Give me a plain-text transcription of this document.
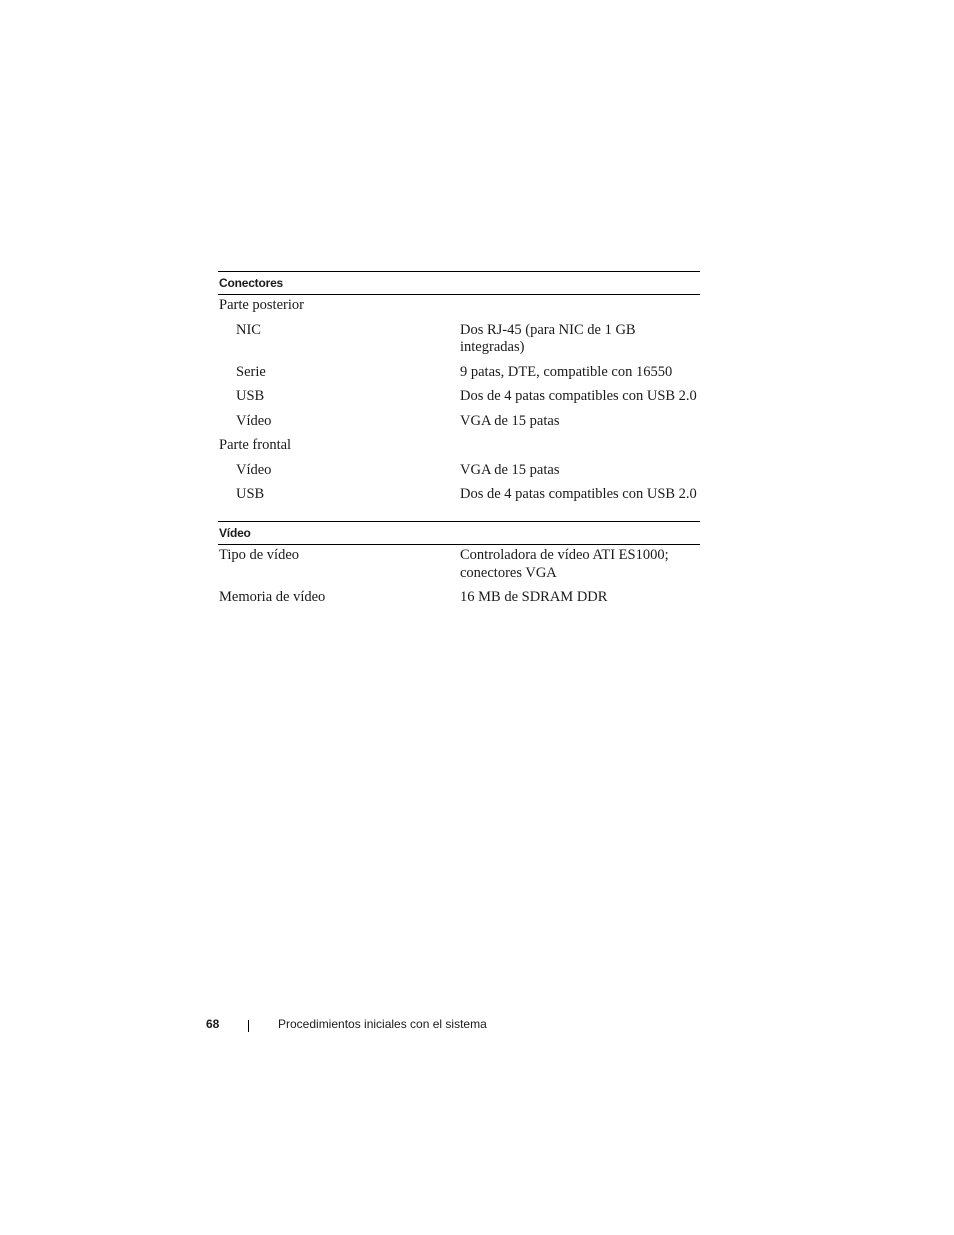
Conectores
Parte posterior
NIC	Dos RJ-45 (para NIC de 1 GB integradas)
Serie	9 patas, DTE, compatible con 16550
USB	Dos de 4 patas compatibles con USB 2.0
Vídeo	VGA de 15 patas
Parte frontal
Vídeo	VGA de 15 patas
USB	Dos de 4 patas compatibles con USB 2.0
Vídeo
Tipo de vídeo	Controladora de vídeo ATI ES1000; conectores VGA
Memoria de vídeo	16 MB de SDRAM DDR
68	Procedimientos iniciales con el sistema
